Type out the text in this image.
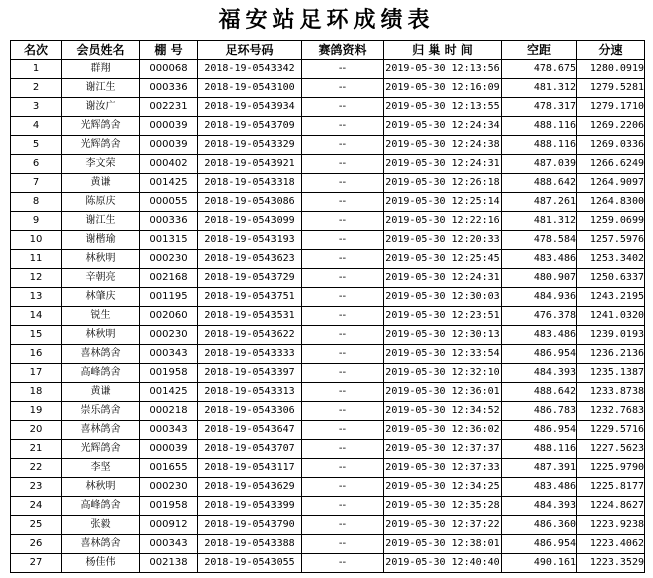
福安站足环成绩表
名次	会员姓名	棚 号	足环号码	赛鸽资料	归 巢 时 间	空距	分速
1	群翔	000068	2018-19-0543342	--	2019-05-30 12:13:56	478.675	1280.0919
2	谢江生	000336	2018-19-0543100	--	2019-05-30 12:16:09	481.312	1279.5281
3	谢汝广	002231	2018-19-0543934	--	2019-05-30 12:13:55	478.317	1279.1710
4	光辉鸽舍	000039	2018-19-0543709	--	2019-05-30 12:24:34	488.116	1269.2206
5	光辉鸽舍	000039	2018-19-0543329	--	2019-05-30 12:24:38	488.116	1269.0336
6	李文荣	000402	2018-19-0543921	--	2019-05-30 12:24:31	487.039	1266.6249
7	黄谦	001425	2018-19-0543318	--	2019-05-30 12:26:18	488.642	1264.9097
8	陈原庆	000055	2018-19-0543086	--	2019-05-30 12:25:14	487.261	1264.8300
9	谢江生	000336	2018-19-0543099	--	2019-05-30 12:22:16	481.312	1259.0699
10	谢楷瑜	001315	2018-19-0543193	--	2019-05-30 12:20:33	478.584	1257.5976
11	林秋明	000230	2018-19-0543623	--	2019-05-30 12:25:45	483.486	1253.3402
12	辛朝亮	002168	2018-19-0543729	--	2019-05-30 12:24:31	480.907	1250.6337
13	林肇庆	001195	2018-19-0543751	--	2019-05-30 12:30:03	484.936	1243.2195
14	锐生	002060	2018-19-0543531	--	2019-05-30 12:23:51	476.378	1241.0320
15	林秋明	000230	2018-19-0543622	--	2019-05-30 12:30:13	483.486	1239.0193
16	喜林鸽舍	000343	2018-19-0543333	--	2019-05-30 12:33:54	486.954	1236.2136
17	高峰鸽舍	001958	2018-19-0543397	--	2019-05-30 12:32:10	484.393	1235.1387
18	黄谦	001425	2018-19-0543313	--	2019-05-30 12:36:01	488.642	1233.8738
19	崇乐鸽舍	000218	2018-19-0543306	--	2019-05-30 12:34:52	486.783	1232.7683
20	喜林鸽舍	000343	2018-19-0543647	--	2019-05-30 12:36:02	486.954	1229.5716
21	光辉鸽舍	000039	2018-19-0543707	--	2019-05-30 12:37:37	488.116	1227.5623
22	李坚	001655	2018-19-0543117	--	2019-05-30 12:37:33	487.391	1225.9790
23	林秋明	000230	2018-19-0543629	--	2019-05-30 12:34:25	483.486	1225.8177
24	高峰鸽舍	001958	2018-19-0543399	--	2019-05-30 12:35:28	484.393	1224.8627
25	张毅	000912	2018-19-0543790	--	2019-05-30 12:37:22	486.360	1223.9238
26	喜林鸽舍	000343	2018-19-0543388	--	2019-05-30 12:38:01	486.954	1223.4062
27	杨佳伟	002138	2018-19-0543055	--	2019-05-30 12:40:40	490.161	1223.3529
